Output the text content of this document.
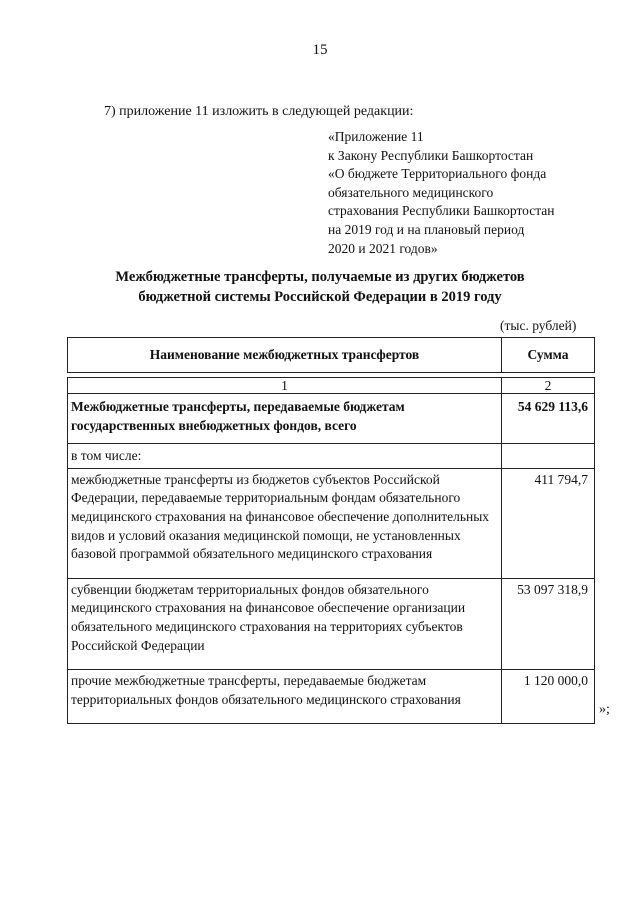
15
7) приложение 11 изложить в следующей редакции:
«Приложение 11
к Закону Республики Башкортостан
«О бюджете Территориального фонда
обязательного медицинского
страхования Республики Башкортостан
на 2019 год и на плановый период
2020 и 2021 годов»
Межбюджетные трансферты, получаемые из других бюджетов
бюджетной системы Российской Федерации в 2019 году
(тыс. рублей)
Наименование межбюджетных трансфертов	Сумма
1	2
Межбюджетные трансферты, передаваемые бюджетам государственных внебюджетных фондов, всего	54 629 113,6
в том числе:	
межбюджетные трансферты из бюджетов субъектов Российской Федерации, передаваемые территориальным фондам обязательного медицинского страхования на финансовое обеспечение дополнительных видов и условий оказания медицинской помощи, не установленных базовой программой обязательного медицинского страхования	411 794,7
субвенции бюджетам территориальных фондов обязательного медицинского страхования на финансовое обеспечение организации обязательного медицинского страхования на территориях субъектов Российской Федерации	53 097 318,9
прочие межбюджетные трансферты, передаваемые бюджетам территориальных фондов обязательного медицинского страхования	1 120 000,0
»;
